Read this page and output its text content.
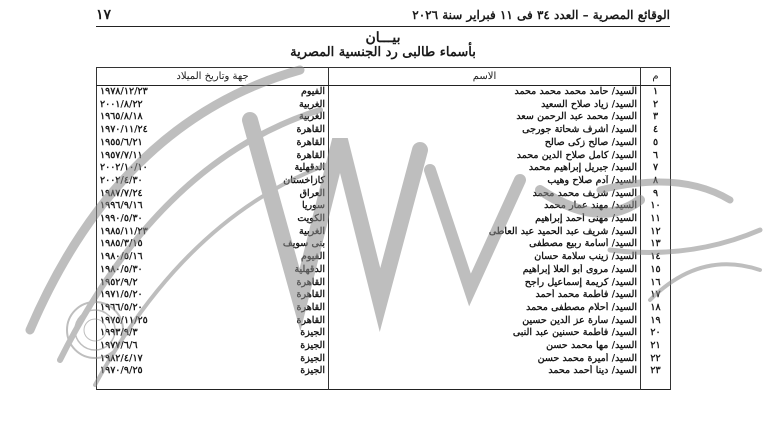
١٧	الوقائع المصرية – العدد ٣٤ فى ١١ فبراير سنة ٢٠٢٦
بيـــان
بأسماء طالبى رد الجنسية المصرية
م	الاسم	جهة وتاريخ الميلاد
١	السيد/ حامد محمد محمد محمد	الفيوم
١٩٧٨/١٢/٢٣

٢	السيد/ زياد صلاح السعيد	الغربية
٢٠٠١/٨/٢٢

٣	السيد/ محمد عبد الرحمن سعد	الغربية
١٩٦٥/٨/١٨

٤	السيد/ أشرف شحاتة جورجى	القاهرة
١٩٧٠/١١/٢٤

٥	السيد/ صالح زكى صالح	القاهرة
١٩٥٥/٦/٢١

٦	السيد/ كامل صلاح الدين محمد	القاهرة
١٩٥٧/٧/١١

٧	السيد/ جبريل إبراهيم محمد	الدقهلية
٢٠٠٢/١٠/١٠

٨	السيد/ آدم صلاح وهيب	كازاخستان
٢٠٠٢/٤/٣٠

٩	السيد/ شريف محمد محمد	العراق
١٩٨٧/٧/٢٤

١٠	السيد/ مهند عمار محمد	سوريا
١٩٩٦/٩/١٦

١١	السيد/ مهنى أحمد إبراهيم	الكويت
١٩٩٠/٥/٣٠

١٢	السيد/ شريف عبد الحميد عبد العاطى	الغربية
١٩٨٥/١١/٢٣

١٣	السيد/ أسامة ربيع مصطفى	بنى سويف
١٩٨٥/٣/١٥

١٤	السيد/ زينب سلامة حسان	الفيوم
١٩٨٠/٥/١٦

١٥	السيد/ مروى أبو العلا إبراهيم	الدقهلية
١٩٨٠/٥/٣٠

١٦	السيد/ كريمة إسماعيل راجح	القاهرة
١٩٥٢/٩/٢

١٧	السيد/ فاطمة محمد أحمد	القاهرة
١٩٧١/٥/٢٠

١٨	السيد/ أحلام مصطفى محمد	القاهرة
١٩٦٦/٥/٢٠

١٩	السيد/ سارة عز الدين حسين	القاهرة
١٩٧٥/١١/٢٥

٢٠	السيد/ فاطمة حسنين عبد النبى	الجيزة
١٩٩٣/٩/٣

٢١	السيد/ مها محمد حسن	الجيزة
١٩٧٧/٦/٦

٢٢	السيد/ أميرة محمد حسن	الجيزة
١٩٨٢/٤/١٧

٢٣	السيد/ دينا أحمد محمد	الجيزة
١٩٧٠/٩/٢٥
